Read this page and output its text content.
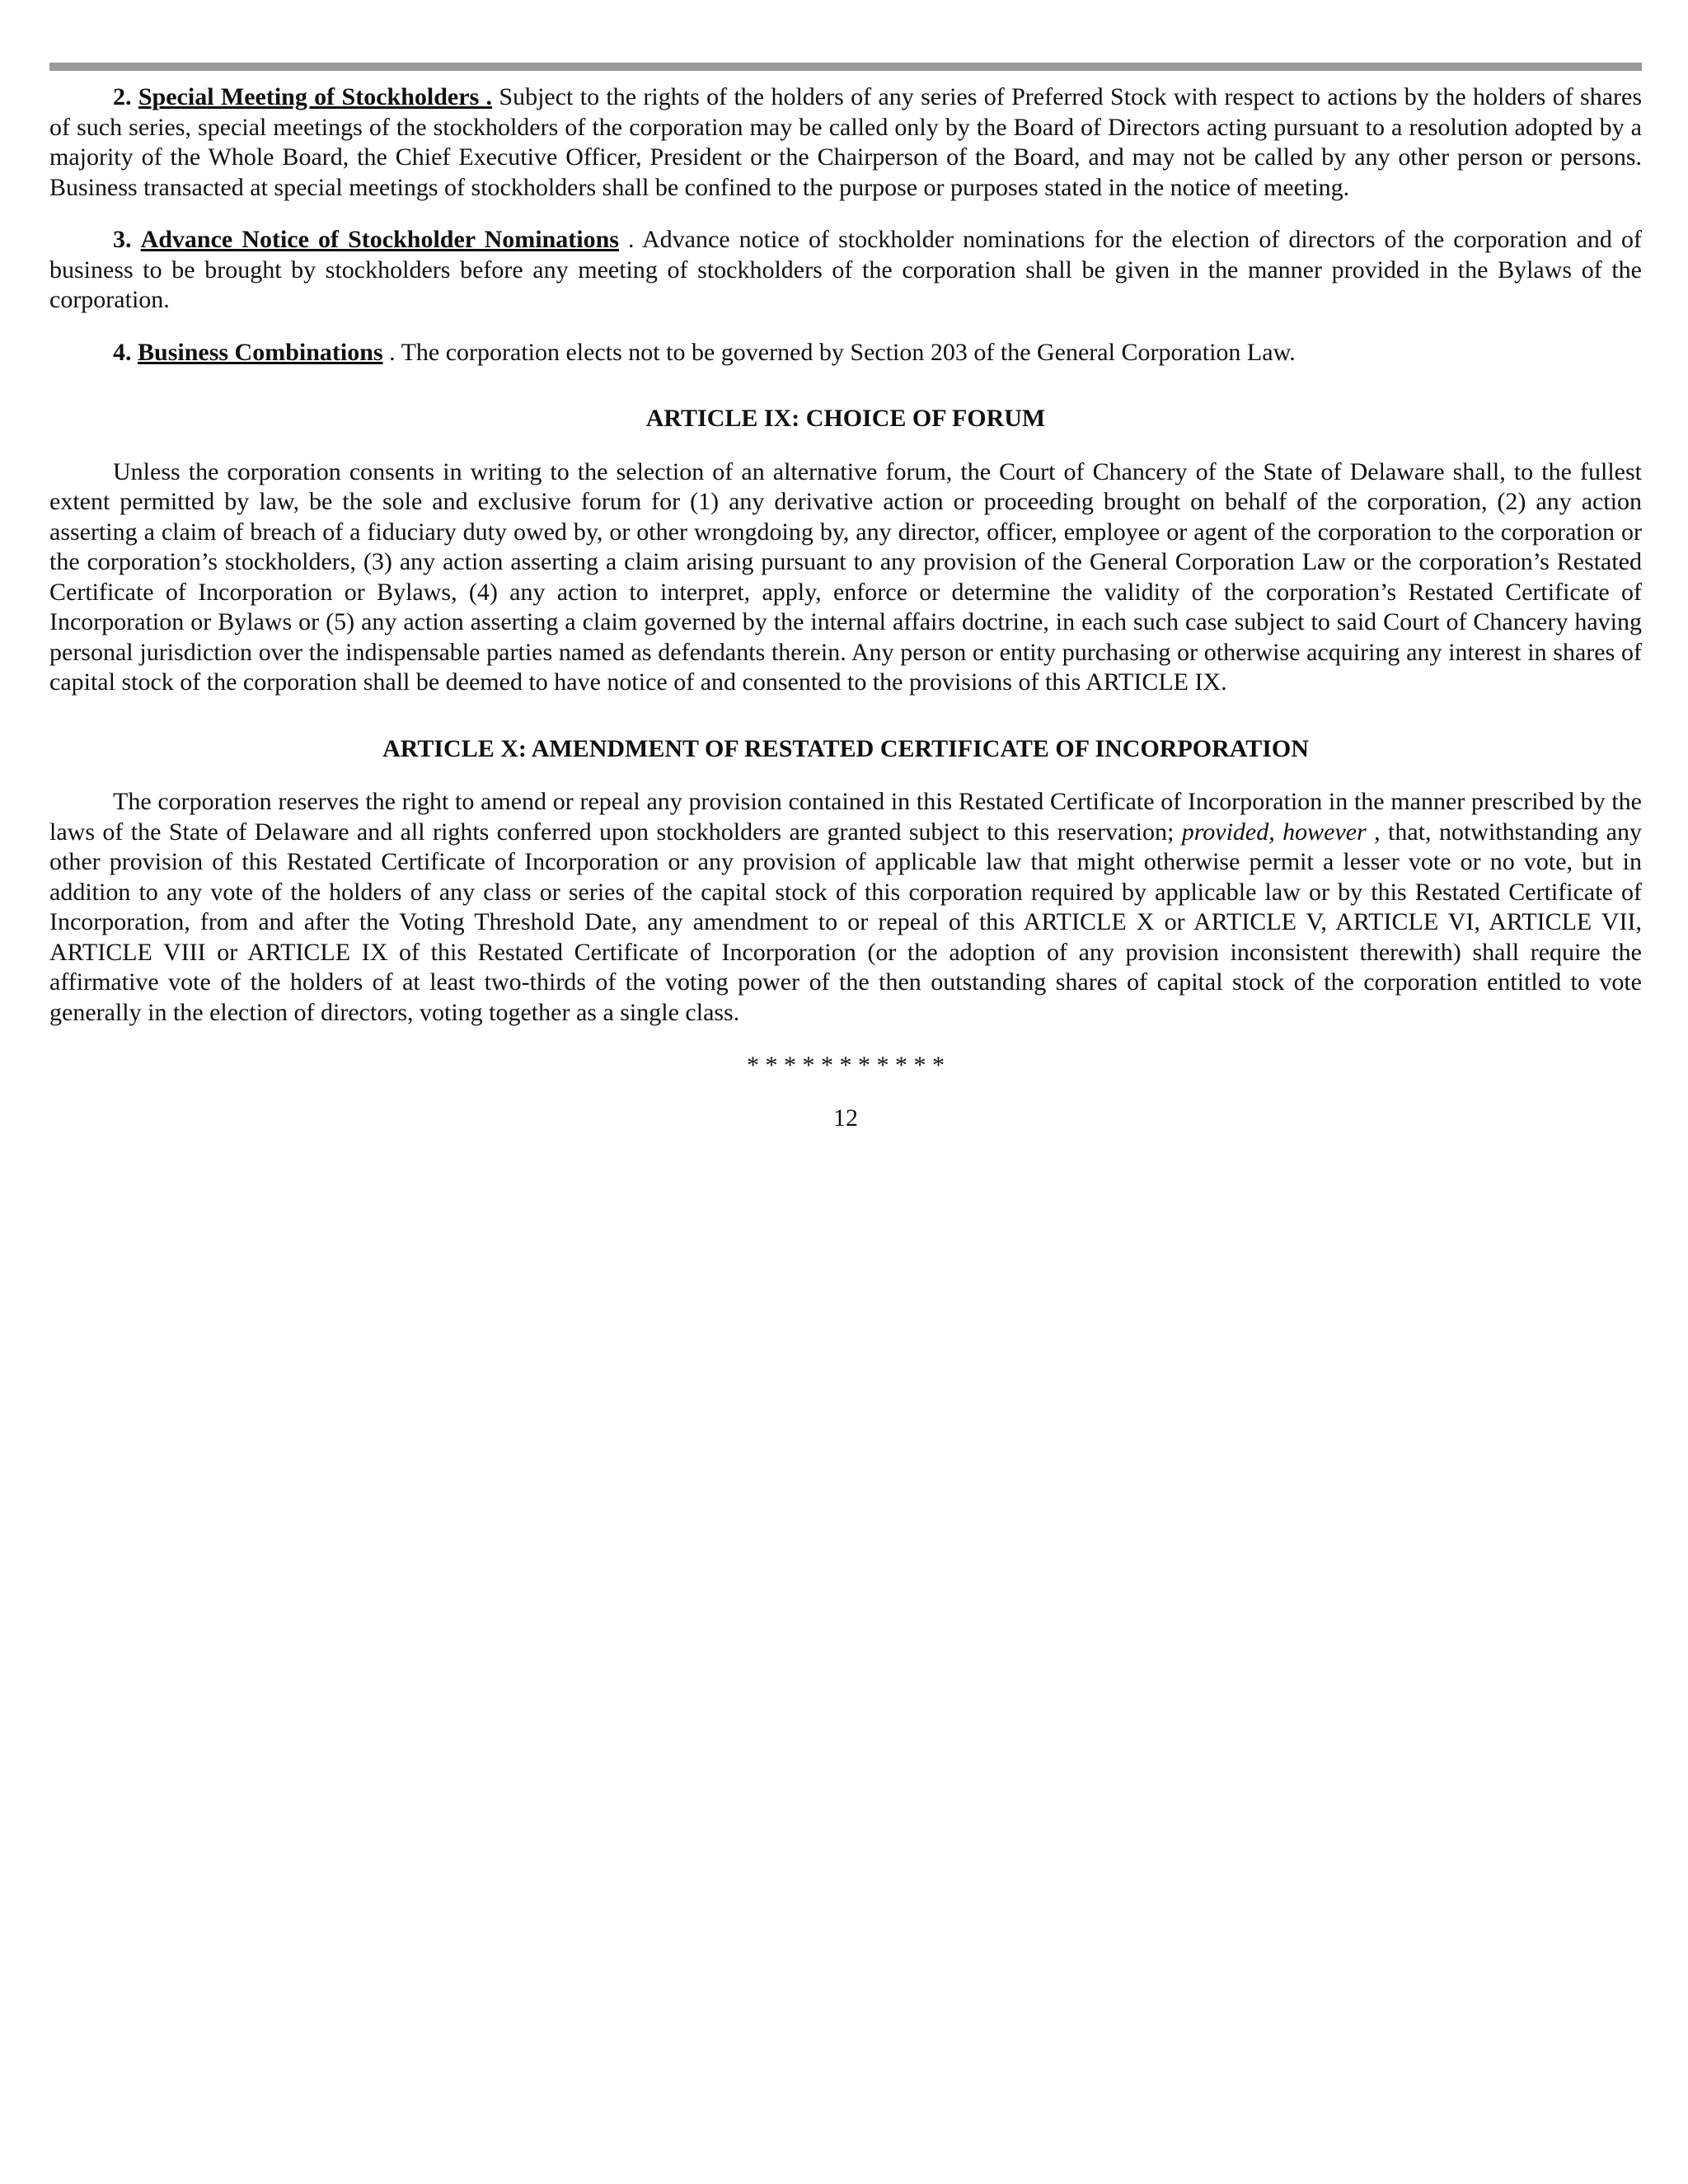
2. Special Meeting of Stockholders . Subject to the rights of the holders of any series of Preferred Stock with respect to actions by the holders of shares of such series, special meetings of the stockholders of the corporation may be called only by the Board of Directors acting pursuant to a resolution adopted by a majority of the Whole Board, the Chief Executive Officer, President or the Chairperson of the Board, and may not be called by any other person or persons. Business transacted at special meetings of stockholders shall be confined to the purpose or purposes stated in the notice of meeting.

3. Advance Notice of Stockholder Nominations . Advance notice of stockholder nominations for the election of directors of the corporation and of business to be brought by stockholders before any meeting of stockholders of the corporation shall be given in the manner provided in the Bylaws of the corporation.

4. Business Combinations . The corporation elects not to be governed by Section 203 of the General Corporation Law.

ARTICLE IX: CHOICE OF FORUM

Unless the corporation consents in writing to the selection of an alternative forum, the Court of Chancery of the State of Delaware shall, to the fullest extent permitted by law, be the sole and exclusive forum for (1) any derivative action or proceeding brought on behalf of the corporation, (2) any action asserting a claim of breach of a fiduciary duty owed by, or other wrongdoing by, any director, officer, employee or agent of the corporation to the corporation or the corporation’s stockholders, (3) any action asserting a claim arising pursuant to any provision of the General Corporation Law or the corporation’s Restated Certificate of Incorporation or Bylaws, (4) any action to interpret, apply, enforce or determine the validity of the corporation’s Restated Certificate of Incorporation or Bylaws or (5) any action asserting a claim governed by the internal affairs doctrine, in each such case subject to said Court of Chancery having personal jurisdiction over the indispensable parties named as defendants therein. Any person or entity purchasing or otherwise acquiring any interest in shares of capital stock of the corporation shall be deemed to have notice of and consented to the provisions of this ARTICLE IX.

ARTICLE X: AMENDMENT OF RESTATED CERTIFICATE OF INCORPORATION

The corporation reserves the right to amend or repeal any provision contained in this Restated Certificate of Incorporation in the manner prescribed by the laws of the State of Delaware and all rights conferred upon stockholders are granted subject to this reservation; provided, however , that, notwithstanding any other provision of this Restated Certificate of Incorporation or any provision of applicable law that might otherwise permit a lesser vote or no vote, but in addition to any vote of the holders of any class or series of the capital stock of this corporation required by applicable law or by this Restated Certificate of Incorporation, from and after the Voting Threshold Date, any amendment to or repeal of this ARTICLE X or ARTICLE V, ARTICLE VI, ARTICLE VII, ARTICLE VIII or ARTICLE IX of this Restated Certificate of Incorporation (or the adoption of any provision inconsistent therewith) shall require the affirmative vote of the holders of at least two-thirds of the voting power of the then outstanding shares of capital stock of the corporation entitled to vote generally in the election of directors, voting together as a single class.

* * * * * * * * * * *

12
